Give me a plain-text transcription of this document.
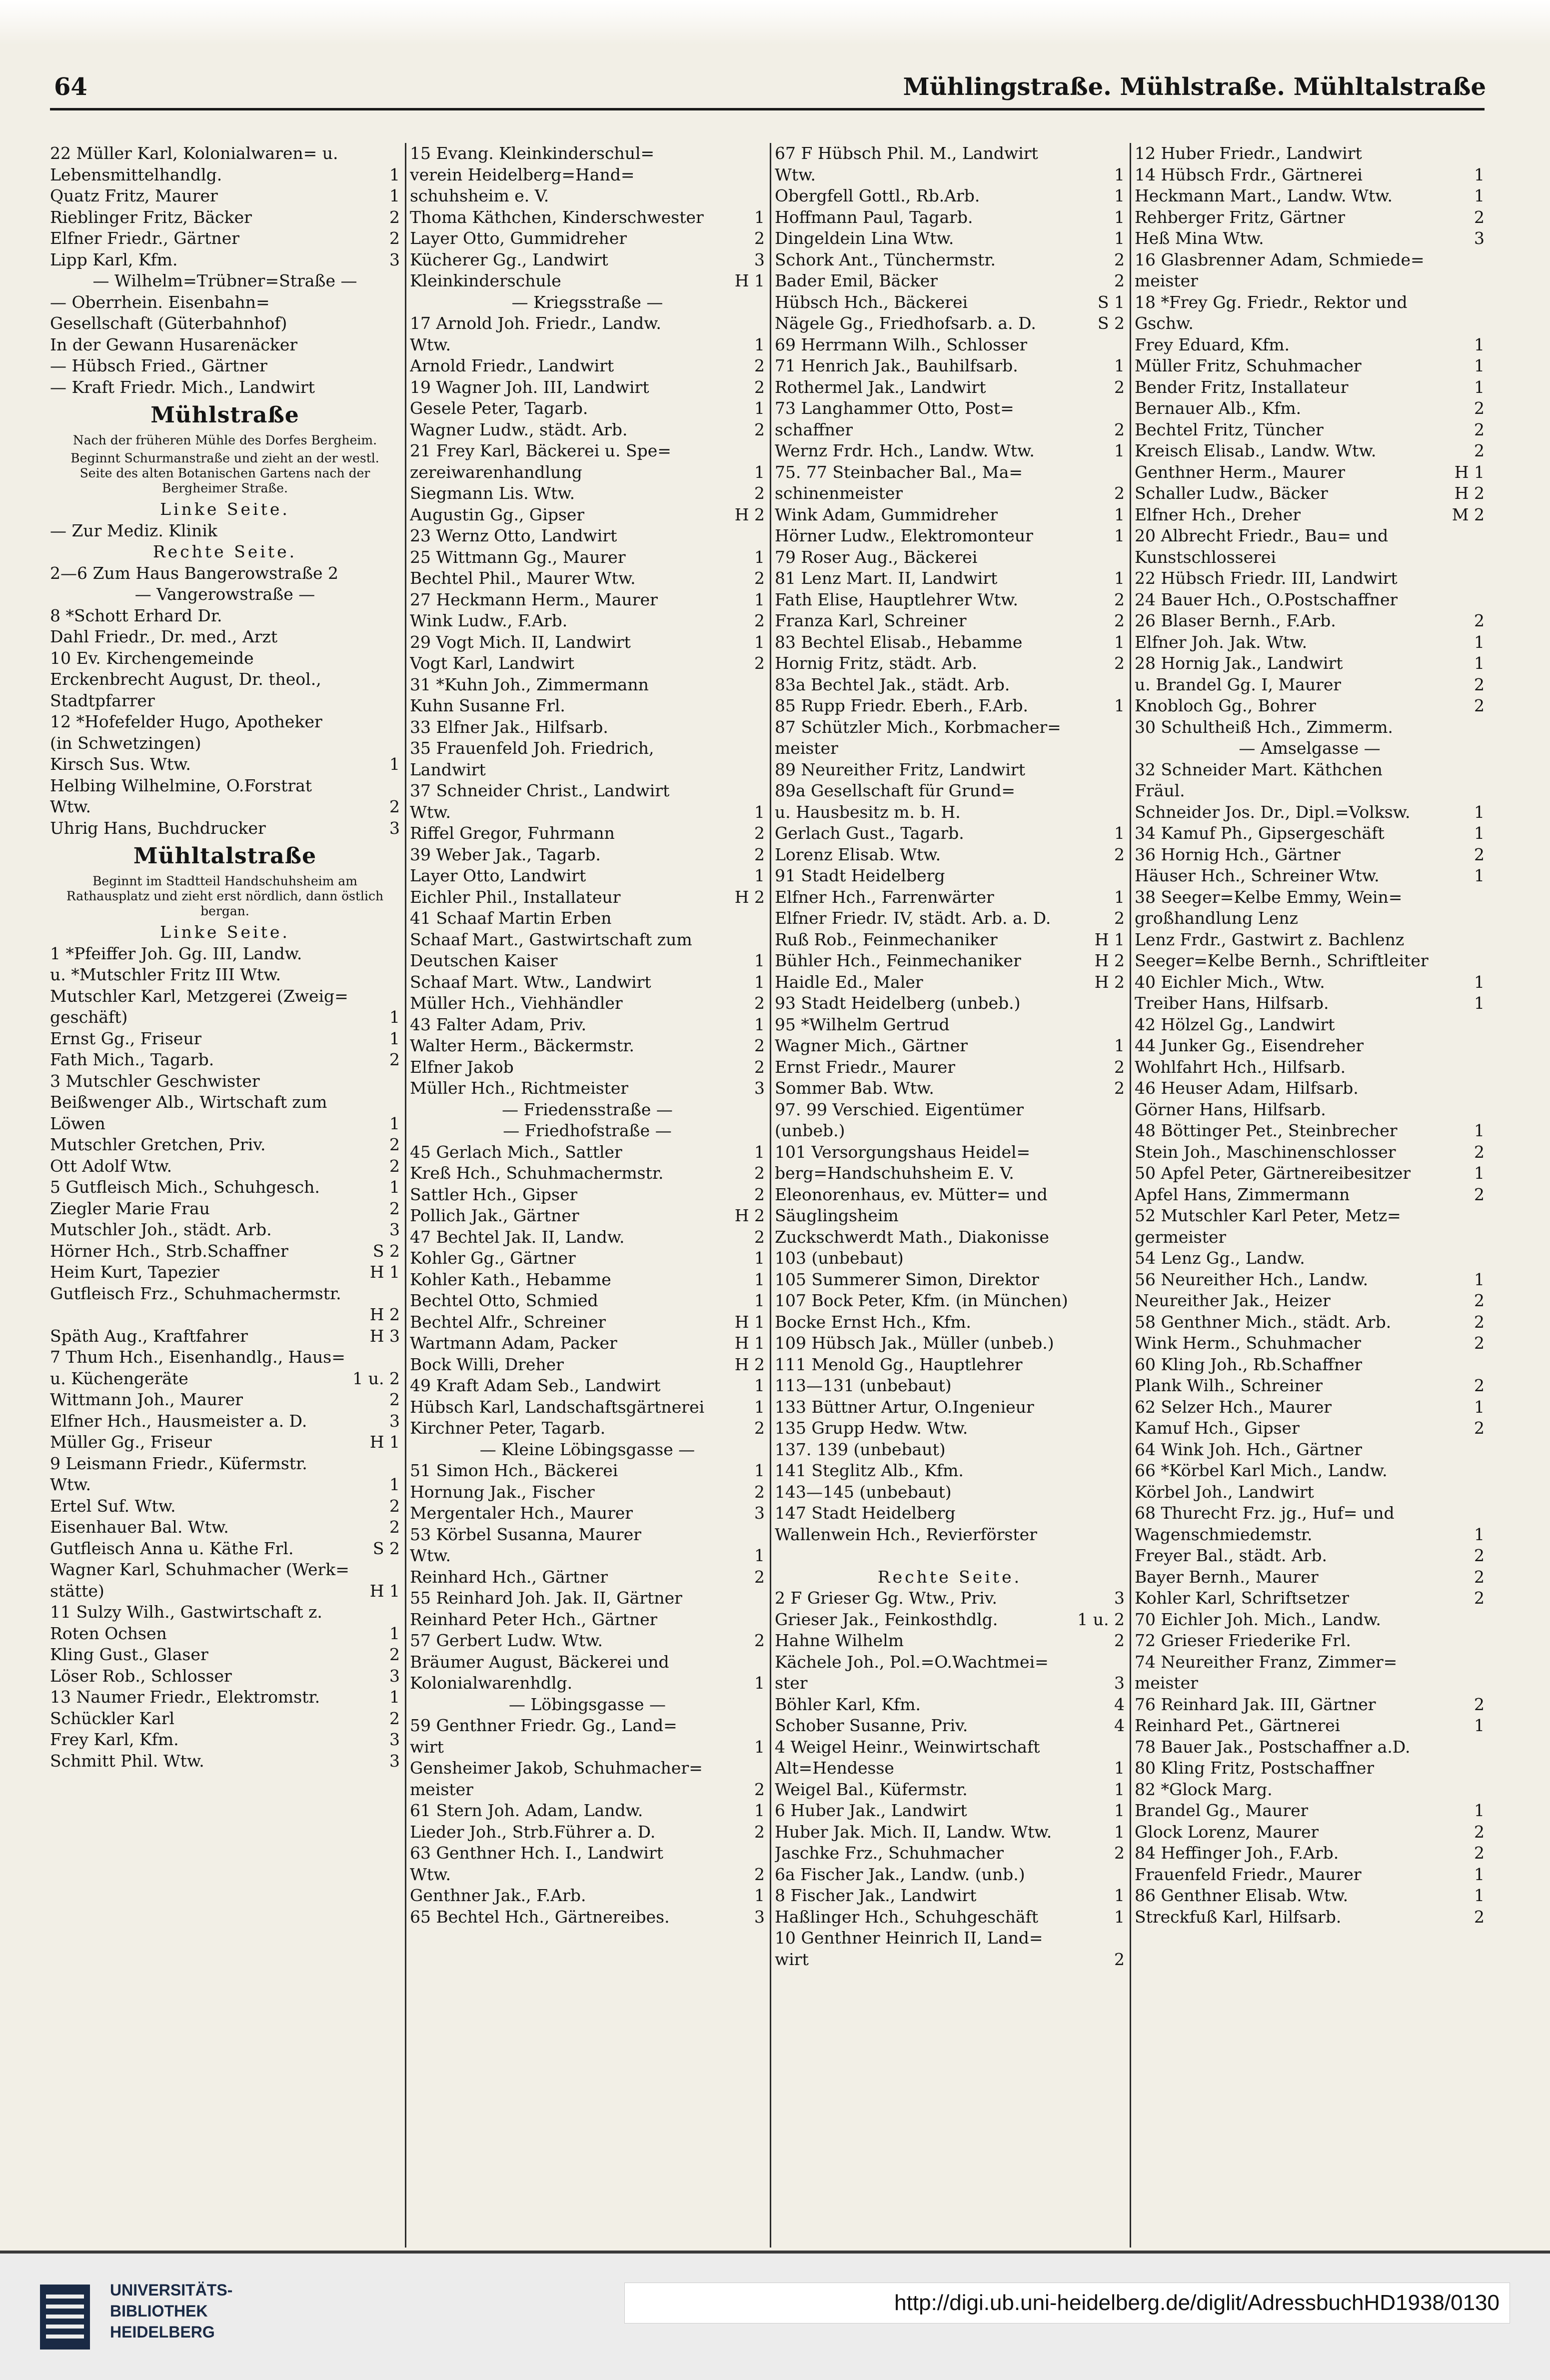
64	Mühlingstraße. Mühlstraße. Mühltalstraße
22 Müller Karl, Kolonialwaren= u.
Lebensmittelhandlg.	1
Quatz Fritz, Maurer	1
Rieblinger Fritz, Bäcker	2
Elfner Friedr., Gärtner	2
Lipp Karl, Kfm.	3
— Wilhelm=Trübner=Straße —
— Oberrhein. Eisenbahn=
Gesellschaft (Güterbahnhof)
In der Gewann Husarenäcker
— Hübsch Fried., Gärtner
— Kraft Friedr. Mich., Landwirt
Mühlstraße
Nach der früheren Mühle des Dorfes Bergheim.
Beginnt Schurmanstraße und zieht an der westl. Seite des alten Botanischen Gartens nach der Bergheimer Straße.
Linke Seite.
— Zur Mediz. Klinik
Rechte Seite.
2—6 Zum Haus Bangerowstraße 2
— Vangerowstraße —
8 *Schott Erhard Dr.
Dahl Friedr., Dr. med., Arzt
10 Ev. Kirchengemeinde
Erckenbrecht August, Dr. theol.,
Stadtpfarrer
12 *Hofefelder Hugo, Apotheker
(in Schwetzingen)
Kirsch Sus. Wtw.	1
Helbing Wilhelmine, O.Forstrat
Wtw.	2
Uhrig Hans, Buchdrucker	3
Mühltalstraße
Beginnt im Stadtteil Handschuhsheim am Rathausplatz und zieht erst nördlich, dann östlich bergan.
Linke Seite.
1 *Pfeiffer Joh. Gg. III, Landw.
u. *Mutschler Fritz III Wtw.
Mutschler Karl, Metzgerei (Zweig=
geschäft)	1
Ernst Gg., Friseur	1
Fath Mich., Tagarb.	2
3 Mutschler Geschwister
Beißwenger Alb., Wirtschaft zum
Löwen	1
Mutschler Gretchen, Priv.	2
Ott Adolf Wtw.	2
5 Gutfleisch Mich., Schuhgesch.	1
Ziegler Marie Frau	2
Mutschler Joh., städt. Arb.	3
Hörner Hch., Strb.Schaffner	S 2
Heim Kurt, Tapezier	H 1
Gutfleisch Frz., Schuhmachermstr.
H 2
Späth Aug., Kraftfahrer	H 3
7 Thum Hch., Eisenhandlg., Haus=
u. Küchengeräte	1 u. 2
Wittmann Joh., Maurer	2
Elfner Hch., Hausmeister a. D.	3
Müller Gg., Friseur	H 1
9 Leismann Friedr., Küfermstr.
Wtw.	1
Ertel Suf. Wtw.	2
Eisenhauer Bal. Wtw.	2
Gutfleisch Anna u. Käthe Frl.	S 2
Wagner Karl, Schuhmacher (Werk=
stätte)	H 1
11 Sulzy Wilh., Gastwirtschaft z.
Roten Ochsen	1
Kling Gust., Glaser	2
Löser Rob., Schlosser	3
13 Naumer Friedr., Elektromstr.	1
Schückler Karl	2
Frey Karl, Kfm.	3
Schmitt Phil. Wtw.	3
15 Evang. Kleinkinderschul=
verein Heidelberg=Hand=
schuhsheim e. V.
Thoma Käthchen, Kinderschwester	1
Layer Otto, Gummidreher	2
Kücherer Gg., Landwirt	3
Kleinkinderschule	H 1
— Kriegsstraße —
17 Arnold Joh. Friedr., Landw.
Wtw.	1
Arnold Friedr., Landwirt	2
19 Wagner Joh. III, Landwirt	2
Gesele Peter, Tagarb.	1
Wagner Ludw., städt. Arb.	2
21 Frey Karl, Bäckerei u. Spe=
zereiwarenhandlung	1
Siegmann Lis. Wtw.	2
Augustin Gg., Gipser	H 2
23 Wernz Otto, Landwirt
25 Wittmann Gg., Maurer	1
Bechtel Phil., Maurer Wtw.	2
27 Heckmann Herm., Maurer	1
Wink Ludw., F.Arb.	2
29 Vogt Mich. II, Landwirt	1
Vogt Karl, Landwirt	2
31 *Kuhn Joh., Zimmermann
Kuhn Susanne Frl.
33 Elfner Jak., Hilfsarb.
35 Frauenfeld Joh. Friedrich,
Landwirt
37 Schneider Christ., Landwirt
Wtw.	1
Riffel Gregor, Fuhrmann	2
39 Weber Jak., Tagarb.	2
Layer Otto, Landwirt	1
Eichler Phil., Installateur	H 2
41 Schaaf Martin Erben
Schaaf Mart., Gastwirtschaft zum
Deutschen Kaiser	1
Schaaf Mart. Wtw., Landwirt	1
Müller Hch., Viehhändler	2
43 Falter Adam, Priv.	1
Walter Herm., Bäckermstr.	2
Elfner Jakob	2
Müller Hch., Richtmeister	3
— Friedensstraße —
— Friedhofstraße —
45 Gerlach Mich., Sattler	1
Kreß Hch., Schuhmachermstr.	2
Sattler Hch., Gipser	2
Pollich Jak., Gärtner	H 2
47 Bechtel Jak. II, Landw.	2
Kohler Gg., Gärtner	1
Kohler Kath., Hebamme	1
Bechtel Otto, Schmied	1
Bechtel Alfr., Schreiner	H 1
Wartmann Adam, Packer	H 1
Bock Willi, Dreher	H 2
49 Kraft Adam Seb., Landwirt	1
Hübsch Karl, Landschaftsgärtnerei	1
Kirchner Peter, Tagarb.	2
— Kleine Löbingsgasse —
51 Simon Hch., Bäckerei	1
Hornung Jak., Fischer	2
Mergentaler Hch., Maurer	3
53 Körbel Susanna, Maurer
Wtw.	1
Reinhard Hch., Gärtner	2
55 Reinhard Joh. Jak. II, Gärtner
Reinhard Peter Hch., Gärtner
57 Gerbert Ludw. Wtw.	2
Bräumer August, Bäckerei und
Kolonialwarenhdlg.	1
— Löbingsgasse —
59 Genthner Friedr. Gg., Land=
wirt	1
Gensheimer Jakob, Schuhmacher=
meister	2
61 Stern Joh. Adam, Landw.	1
Lieder Joh., Strb.Führer a. D.	2
63 Genthner Hch. I., Landwirt
Wtw.	2
Genthner Jak., F.Arb.	1
65 Bechtel Hch., Gärtnereibes.	3
67 F Hübsch Phil. M., Landwirt
Wtw.	1
Obergfell Gottl., Rb.Arb.	1
Hoffmann Paul, Tagarb.	1
Dingeldein Lina Wtw.	1
Schork Ant., Tünchermstr.	2
Bader Emil, Bäcker	2
Hübsch Hch., Bäckerei	S 1
Nägele Gg., Friedhofsarb. a. D.	S 2
69 Herrmann Wilh., Schlosser
71 Henrich Jak., Bauhilfsarb.	1
Rothermel Jak., Landwirt	2
73 Langhammer Otto, Post=
schaffner	2
Wernz Frdr. Hch., Landw. Wtw.	1
75. 77 Steinbacher Bal., Ma=
schinenmeister	2
Wink Adam, Gummidreher	1
Hörner Ludw., Elektromonteur	1
79 Roser Aug., Bäckerei
81 Lenz Mart. II, Landwirt	1
Fath Elise, Hauptlehrer Wtw.	2
Franza Karl, Schreiner	2
83 Bechtel Elisab., Hebamme	1
Hornig Fritz, städt. Arb.	2
83a Bechtel Jak., städt. Arb.
85 Rupp Friedr. Eberh., F.Arb.	1
87 Schützler Mich., Korbmacher=
meister
89 Neureither Fritz, Landwirt
89a Gesellschaft für Grund=
u. Hausbesitz m. b. H.
Gerlach Gust., Tagarb.	1
Lorenz Elisab. Wtw.	2
91 Stadt Heidelberg
Elfner Hch., Farrenwärter	1
Elfner Friedr. IV, städt. Arb. a. D.	2
Ruß Rob., Feinmechaniker	H 1
Bühler Hch., Feinmechaniker	H 2
Haidle Ed., Maler	H 2
93 Stadt Heidelberg (unbeb.)
95 *Wilhelm Gertrud
Wagner Mich., Gärtner	1
Ernst Friedr., Maurer	2
Sommer Bab. Wtw.	2
97. 99 Verschied. Eigentümer
(unbeb.)
101 Versorgungshaus Heidel=
berg=Handschuhsheim E. V.
Eleonorenhaus, ev. Mütter= und
Säuglingsheim
Zuckschwerdt Math., Diakonisse
103 (unbebaut)
105 Summerer Simon, Direktor
107 Bock Peter, Kfm. (in München)
Bocke Ernst Hch., Kfm.
109 Hübsch Jak., Müller (unbeb.)
111 Menold Gg., Hauptlehrer
113—131 (unbebaut)
133 Büttner Artur, O.Ingenieur
135 Grupp Hedw. Wtw.
137. 139 (unbebaut)
141 Steglitz Alb., Kfm.
143—145 (unbebaut)
147 Stadt Heidelberg
Wallenwein Hch., Revierförster
Rechte Seite.
2 F Grieser Gg. Wtw., Priv.	3
Grieser Jak., Feinkosthdlg.	1 u. 2
Hahne Wilhelm	2
Kächele Joh., Pol.=O.Wachtmei=
ster	3
Böhler Karl, Kfm.	4
Schober Susanne, Priv.	4
4 Weigel Heinr., Weinwirtschaft
Alt=Hendesse	1
Weigel Bal., Küfermstr.	1
6 Huber Jak., Landwirt	1
Huber Jak. Mich. II, Landw. Wtw.	1
Jaschke Frz., Schuhmacher	2
6a Fischer Jak., Landw. (unb.)
8 Fischer Jak., Landwirt	1
Haßlinger Hch., Schuhgeschäft	1
10 Genthner Heinrich II, Land=
wirt	2
12 Huber Friedr., Landwirt
14 Hübsch Frdr., Gärtnerei	1
Heckmann Mart., Landw. Wtw.	1
Rehberger Fritz, Gärtner	2
Heß Mina Wtw.	3
16 Glasbrenner Adam, Schmiede=
meister
18 *Frey Gg. Friedr., Rektor und
Gschw.
Frey Eduard, Kfm.	1
Müller Fritz, Schuhmacher	1
Bender Fritz, Installateur	1
Bernauer Alb., Kfm.	2
Bechtel Fritz, Tüncher	2
Kreisch Elisab., Landw. Wtw.	2
Genthner Herm., Maurer	H 1
Schaller Ludw., Bäcker	H 2
Elfner Hch., Dreher	M 2
20 Albrecht Friedr., Bau= und
Kunstschlosserei
22 Hübsch Friedr. III, Landwirt
24 Bauer Hch., O.Postschaffner
26 Blaser Bernh., F.Arb.	2
Elfner Joh. Jak. Wtw.	1
28 Hornig Jak., Landwirt	1
u. Brandel Gg. I, Maurer	2
Knobloch Gg., Bohrer	2
30 Schultheiß Hch., Zimmerm.
— Amselgasse —
32 Schneider Mart. Käthchen
Fräul.
Schneider Jos. Dr., Dipl.=Volksw.	1
34 Kamuf Ph., Gipsergeschäft	1
36 Hornig Hch., Gärtner	2
Häuser Hch., Schreiner Wtw.	1
38 Seeger=Kelbe Emmy, Wein=
großhandlung Lenz
Lenz Frdr., Gastwirt z. Bachlenz
Seeger=Kelbe Bernh., Schriftleiter
40 Eichler Mich., Wtw.	1
Treiber Hans, Hilfsarb.	1
42 Hölzel Gg., Landwirt
44 Junker Gg., Eisendreher
Wohlfahrt Hch., Hilfsarb.
46 Heuser Adam, Hilfsarb.
Görner Hans, Hilfsarb.
48 Böttinger Pet., Steinbrecher	1
Stein Joh., Maschinenschlosser	2
50 Apfel Peter, Gärtnereibesitzer	1
Apfel Hans, Zimmermann	2
52 Mutschler Karl Peter, Metz=
germeister
54 Lenz Gg., Landw.
56 Neureither Hch., Landw.	1
Neureither Jak., Heizer	2
58 Genthner Mich., städt. Arb.	2
Wink Herm., Schuhmacher	2
60 Kling Joh., Rb.Schaffner
Plank Wilh., Schreiner	2
62 Selzer Hch., Maurer	1
Kamuf Hch., Gipser	2
64 Wink Joh. Hch., Gärtner
66 *Körbel Karl Mich., Landw.
Körbel Joh., Landwirt
68 Thurecht Frz. jg., Huf= und
Wagenschmiedemstr.	1
Freyer Bal., städt. Arb.	2
Bayer Bernh., Maurer	2
Kohler Karl, Schriftsetzer	2
70 Eichler Joh. Mich., Landw.
72 Grieser Friederike Frl.
74 Neureither Franz, Zimmer=
meister
76 Reinhard Jak. III, Gärtner	2
Reinhard Pet., Gärtnerei	1
78 Bauer Jak., Postschaffner a.D.
80 Kling Fritz, Postschaffner
82 *Glock Marg.
Brandel Gg., Maurer	1
Glock Lorenz, Maurer	2
84 Heffinger Joh., F.Arb.	2
Frauenfeld Friedr., Maurer	1
86 Genthner Elisab. Wtw.	1
Streckfuß Karl, Hilfsarb.	2
UNIVERSITÄTS-
BIBLIOTHEK
HEIDELBERG
http://digi.ub.uni-heidelberg.de/diglit/AdressbuchHD1938/0130
